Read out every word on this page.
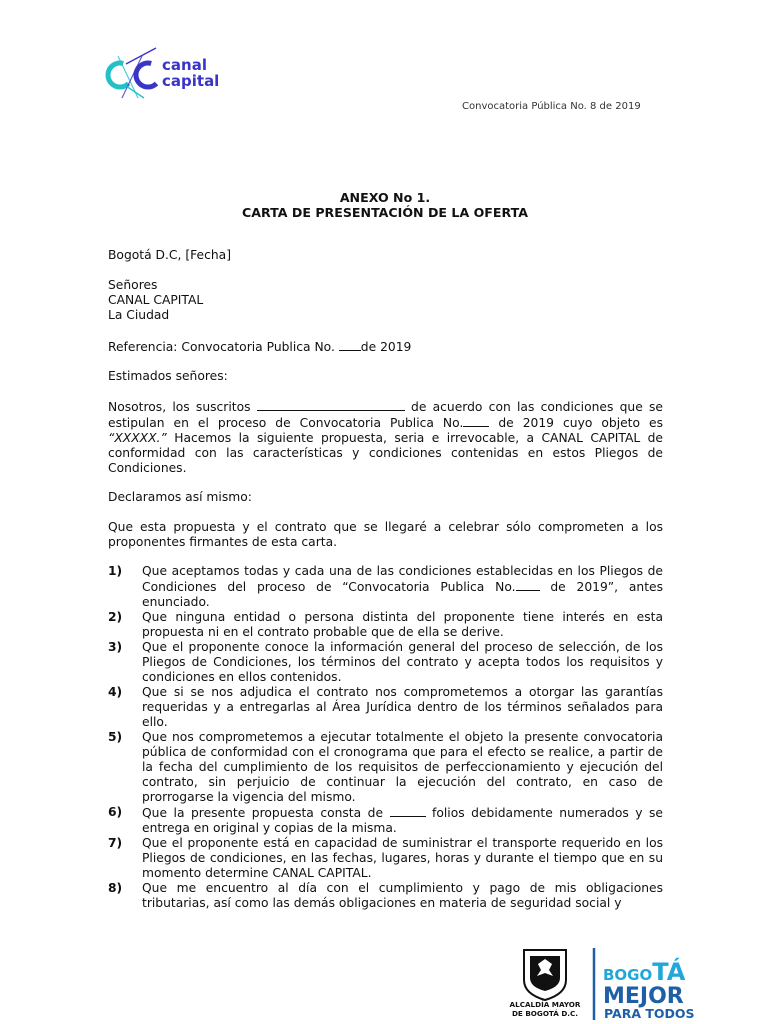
canal
capital
Convocatoria Pública No. 8 de 2019
ANEXO No 1.
CARTA DE PRESENTACIÓN DE LA OFERTA
Bogotá D.C, [Fecha]
Señores
CANAL CAPITAL
La Ciudad
Referencia: Convocatoria Publica No. de 2019
Estimados señores:
Nosotros, los suscritos	de acuerdo con las condiciones que se estipulan en el proceso de Convocatoria Publica No. de 2019 cuyo objeto es “XXXXX.” Hacemos la siguiente propuesta, seria e irrevocable, a CANAL CAPITAL de conformidad con las características y condiciones contenidas en estos Pliegos de Condiciones.
Declaramos así mismo:
Que esta propuesta y el contrato que se llegaré a celebrar sólo comprometen a los proponentes firmantes de esta carta.
1) Que aceptamos todas y cada una de las condiciones establecidas en los Pliegos de Condiciones del proceso de “Convocatoria Publica No. de 2019”, antes enunciado.
2) Que ninguna entidad o persona distinta del proponente tiene interés en esta propuesta ni en el contrato probable que de ella se derive.
3) Que el proponente conoce la información general del proceso de selección, de los Pliegos de Condiciones, los términos del contrato y acepta todos los requisitos y condiciones en ellos contenidos.
4) Que si se nos adjudica el contrato nos comprometemos a otorgar las garantías requeridas y a entregarlas al Área Jurídica dentro de los términos señalados para ello.
5) Que nos comprometemos a ejecutar totalmente el objeto la presente convocatoria pública de conformidad con el cronograma que para el efecto se realice, a partir de la fecha del cumplimiento de los requisitos de perfeccionamiento y ejecución del contrato, sin perjuicio de continuar la ejecución del contrato, en caso de prorrogarse la vigencia del mismo.
6) Que la presente propuesta consta de	folios debidamente numerados y se entrega en original y copias de la misma.
7) Que el proponente está en capacidad de suministrar el transporte requerido en los Pliegos de condiciones, en las fechas, lugares, horas y durante el tiempo que en su momento determine CANAL CAPITAL.
8) Que me encuentro al día con el cumplimiento y pago de mis obligaciones tributarias, así como las demás obligaciones en materia de seguridad social y
ALCALDÍA MAYOR
DE BOGOTÁ D.C.
BOGOTÁ
MEJOR
PARA TODOS
